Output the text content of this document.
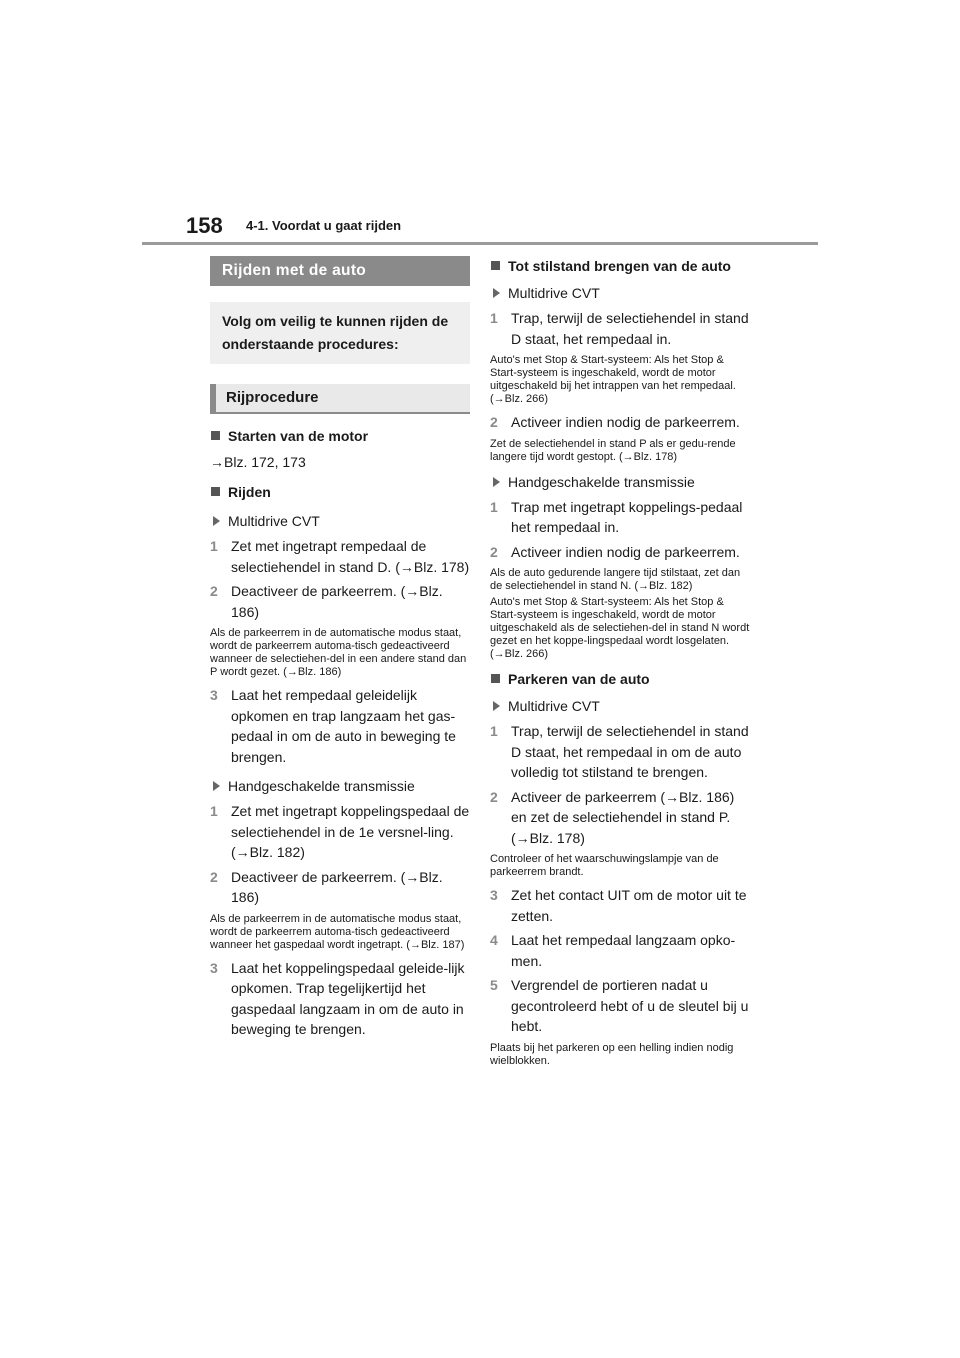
158 4-1. Voordat u gaat rijden
Rijden met de auto
Volg om veilig te kunnen rijden de onderstaande procedures:
Rijprocedure
Starten van de motor
→Blz. 172, 173
Rijden
Multidrive CVT
1 Zet met ingetrapt rempedaal de selectiehendel in stand D. (→Blz. 178)
2 Deactiveer de parkeerrem. (→Blz. 186)
Als de parkeerrem in de automatische modus staat, wordt de parkeerrem automa-tisch gedeactiveerd wanneer de selectiehen-del in een andere stand dan P wordt gezet. (→Blz. 186)
3 Laat het rempedaal geleidelijk opkomen en trap langzaam het gas-pedaal in om de auto in beweging te brengen.
Handgeschakelde transmissie
1 Zet met ingetrapt koppelingspedaal de selectiehendel in de 1e versnel-ling. (→Blz. 182)
2 Deactiveer de parkeerrem. (→Blz. 186)
Als de parkeerrem in de automatische modus staat, wordt de parkeerrem automa-tisch gedeactiveerd wanneer het gaspedaal wordt ingetrapt. (→Blz. 187)
3 Laat het koppelingspedaal geleide-lijk opkomen. Trap tegelijkertijd het gaspedaal langzaam in om de auto in beweging te brengen.
Tot stilstand brengen van de auto
Multidrive CVT
1 Trap, terwijl de selectiehendel in stand D staat, het rempedaal in.
Auto's met Stop & Start-systeem: Als het Stop & Start-systeem is ingeschakeld, wordt de motor uitgeschakeld bij het intrappen van het rempedaal. (→Blz. 266)
2 Activeer indien nodig de parkeerrem.
Zet de selectiehendel in stand P als er gedu-rende langere tijd wordt gestopt. (→Blz. 178)
Handgeschakelde transmissie
1 Trap met ingetrapt koppelings-pedaal het rempedaal in.
2 Activeer indien nodig de parkeerrem.
Als de auto gedurende langere tijd stilstaat, zet dan de selectiehendel in stand N. (→Blz. 182)
Auto's met Stop & Start-systeem: Als het Stop & Start-systeem is ingeschakeld, wordt de motor uitgeschakeld als de selectiehen-del in stand N wordt gezet en het koppe-lingspedaal wordt losgelaten. (→Blz. 266)
Parkeren van de auto
Multidrive CVT
1 Trap, terwijl de selectiehendel in stand D staat, het rempedaal in om de auto volledig tot stilstand te brengen.
2 Activeer de parkeerrem (→Blz. 186) en zet de selectiehendel in stand P. (→Blz. 178)
Controleer of het waarschuwingslampje van de parkeerrem brandt.
3 Zet het contact UIT om de motor uit te zetten.
4 Laat het rempedaal langzaam opko-men.
5 Vergrendel de portieren nadat u gecontroleerd hebt of u de sleutel bij u hebt.
Plaats bij het parkeren op een helling indien nodig wielblokken.
